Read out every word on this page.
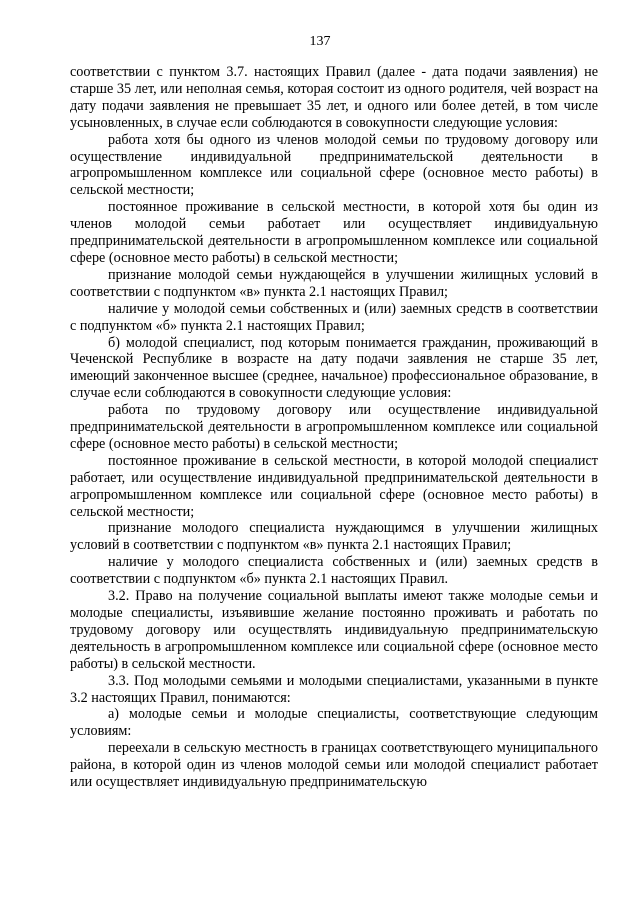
137

соответствии с пунктом 3.7. настоящих Правил (далее - дата подачи заявления) не старше 35 лет, или неполная семья, которая состоит из одного родителя, чей возраст на дату подачи заявления не превышает 35 лет, и одного или более детей, в том числе усыновленных, в случае если соблюдаются в совокупности следующие условия:

работа хотя бы одного из членов молодой семьи по трудовому договору или осуществление индивидуальной предпринимательской деятельности в агропромышленном комплексе или социальной сфере (основное место работы) в сельской местности;

постоянное проживание в сельской местности, в которой хотя бы один из членов молодой семьи работает или осуществляет индивидуальную предпринимательской деятельности в агропромышленном комплексе или социальной сфере (основное место работы) в сельской местности;

признание молодой семьи нуждающейся в улучшении жилищных условий в соответствии с подпунктом «в» пункта 2.1 настоящих Правил;

наличие у молодой семьи собственных и (или) заемных средств в соответствии с подпунктом «б» пункта 2.1 настоящих Правил;

б) молодой специалист, под которым понимается гражданин, проживающий в Чеченской Республике в возрасте на дату подачи заявления не старше 35 лет, имеющий законченное высшее (среднее, начальное) профессиональное образование, в случае если соблюдаются в совокупности следующие условия:

работа по трудовому договору или осуществление индивидуальной предпринимательской деятельности в агропромышленном комплексе или социальной сфере (основное место работы) в сельской местности;

постоянное проживание в сельской местности, в которой молодой специалист работает, или осуществление индивидуальной предпринимательской деятельности в агропромышленном комплексе или социальной сфере (основное место работы) в сельской местности;

признание молодого специалиста нуждающимся в улучшении жилищных условий в соответствии с подпунктом «в» пункта 2.1 настоящих Правил;

наличие у молодого специалиста собственных и (или) заемных средств в соответствии с подпунктом «б» пункта 2.1 настоящих Правил.

3.2. Право на получение социальной выплаты имеют также молодые семьи и молодые специалисты, изъявившие желание постоянно проживать и работать по трудовому договору или осуществлять индивидуальную предпринимательскую деятельность в агропромышленном комплексе или социальной сфере (основное место работы) в сельской местности.

3.3. Под молодыми семьями и молодыми специалистами, указанными в пункте 3.2 настоящих Правил, понимаются:

а) молодые семьи и молодые специалисты, соответствующие следующим условиям:

переехали в сельскую местность в границах соответствующего муниципального района, в которой один из членов молодой семьи или молодой специалист работает или осуществляет индивидуальную предпринимательскую
